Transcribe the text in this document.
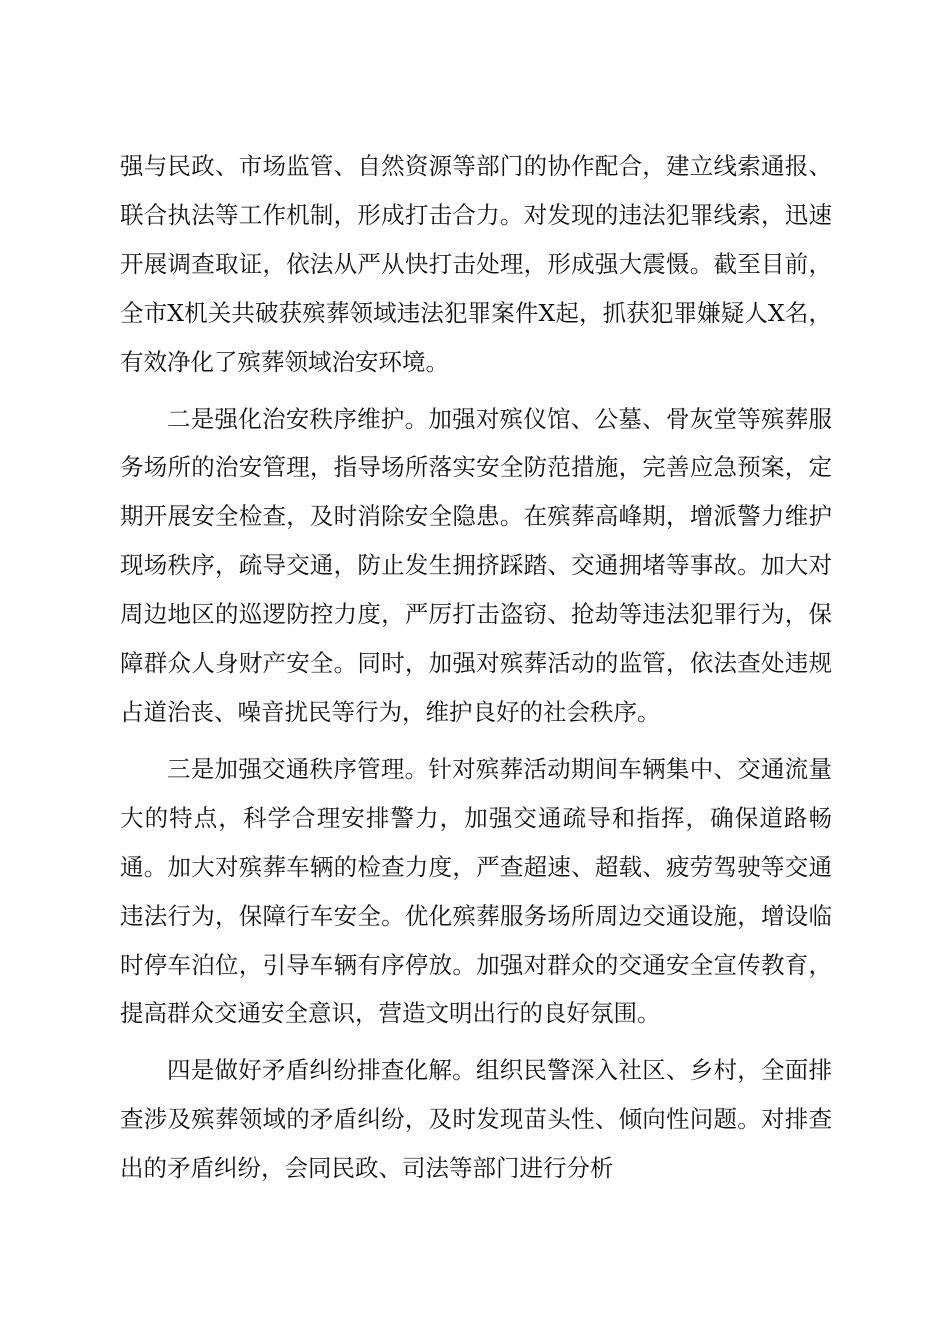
强与民政、市场监管、自然资源等部门的协作配合，建立线索通报、联合执法等工作机制，形成打击合力。对发现的违法犯罪线索，迅速开展调查取证，依法从严从快打击处理，形成强大震慑。截至目前，全市X机关共破获殡葬领域违法犯罪案件X起，抓获犯罪嫌疑人X名，有效净化了殡葬领域治安环境。

二是强化治安秩序维护。加强对殡仪馆、公墓、骨灰堂等殡葬服务场所的治安管理，指导场所落实安全防范措施，完善应急预案，定期开展安全检查，及时消除安全隐患。在殡葬高峰期，增派警力维护现场秩序，疏导交通，防止发生拥挤踩踏、交通拥堵等事故。加大对周边地区的巡逻防控力度，严厉打击盗窃、抢劫等违法犯罪行为，保障群众人身财产安全。同时，加强对殡葬活动的监管，依法查处违规占道治丧、噪音扰民等行为，维护良好的社会秩序。

三是加强交通秩序管理。针对殡葬活动期间车辆集中、交通流量大的特点，科学合理安排警力，加强交通疏导和指挥，确保道路畅通。加大对殡葬车辆的检查力度，严查超速、超载、疲劳驾驶等交通违法行为，保障行车安全。优化殡葬服务场所周边交通设施，增设临时停车泊位，引导车辆有序停放。加强对群众的交通安全宣传教育，提高群众交通安全意识，营造文明出行的良好氛围。

四是做好矛盾纠纷排查化解。组织民警深入社区、乡村，全面排查涉及殡葬领域的矛盾纠纷，及时发现苗头性、倾向性问题。对排查出的矛盾纠纷，会同民政、司法等部门进行分析
